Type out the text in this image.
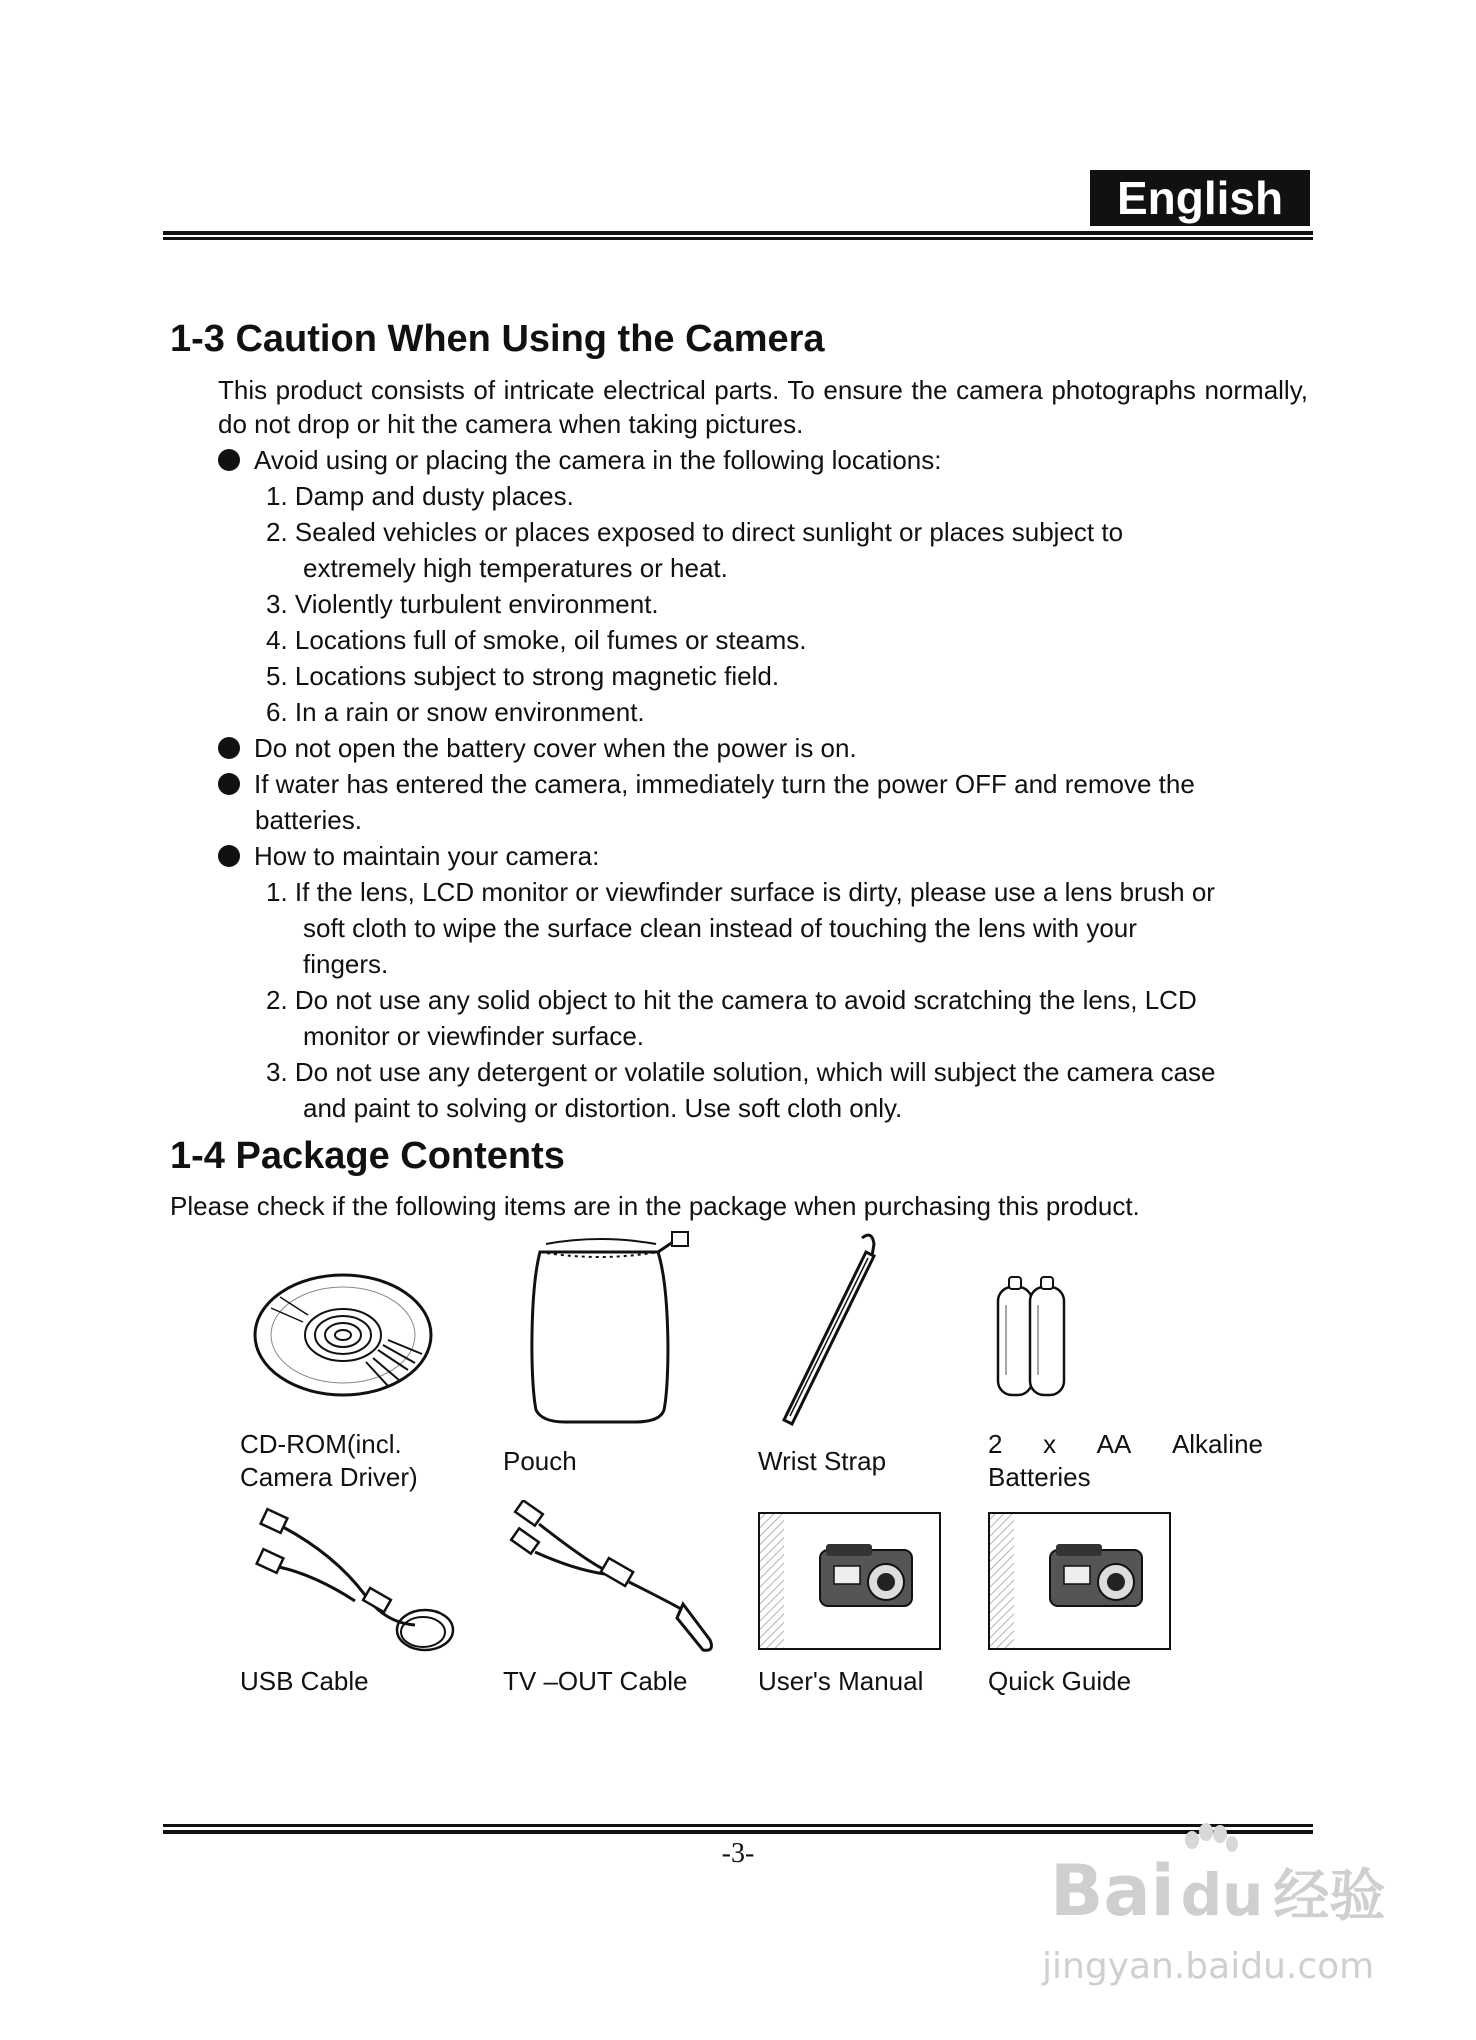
English
1-3 Caution When Using the Camera
This product consists of intricate electrical parts. To ensure the camera photographs normally, do not drop or hit the camera when taking pictures.
Avoid using or placing the camera in the following locations:
1. Damp and dusty places.
2. Sealed vehicles or places exposed to direct sunlight or places subject to
extremely high temperatures or heat.
3. Violently turbulent environment.
4. Locations full of smoke, oil fumes or steams.
5. Locations subject to strong magnetic field.
6. In a rain or snow environment.
Do not open the battery cover when the power is on.
If water has entered the camera, immediately turn the power OFF and remove the
batteries.
How to maintain your camera:
1. If the lens, LCD monitor or viewfinder surface is dirty, please use a lens brush or
soft cloth to wipe the surface clean instead of touching the lens with your
fingers.
2. Do not use any solid object to hit the camera to avoid scratching the lens, LCD
monitor or viewfinder surface.
3. Do not use any detergent or volatile solution, which will subject the camera case
and paint to solving or distortion. Use soft cloth only.
1-4 Package Contents
Please check if the following items are in the package when purchasing this product.
CD-ROM(incl.
Camera Driver)
Pouch	Wrist Strap
2 x AA Alkaline
Batteries
USB Cable	TV –OUT Cable	User's Manual Quick Guide
-3-	Bai du 经验
jingyan.baidu.com
